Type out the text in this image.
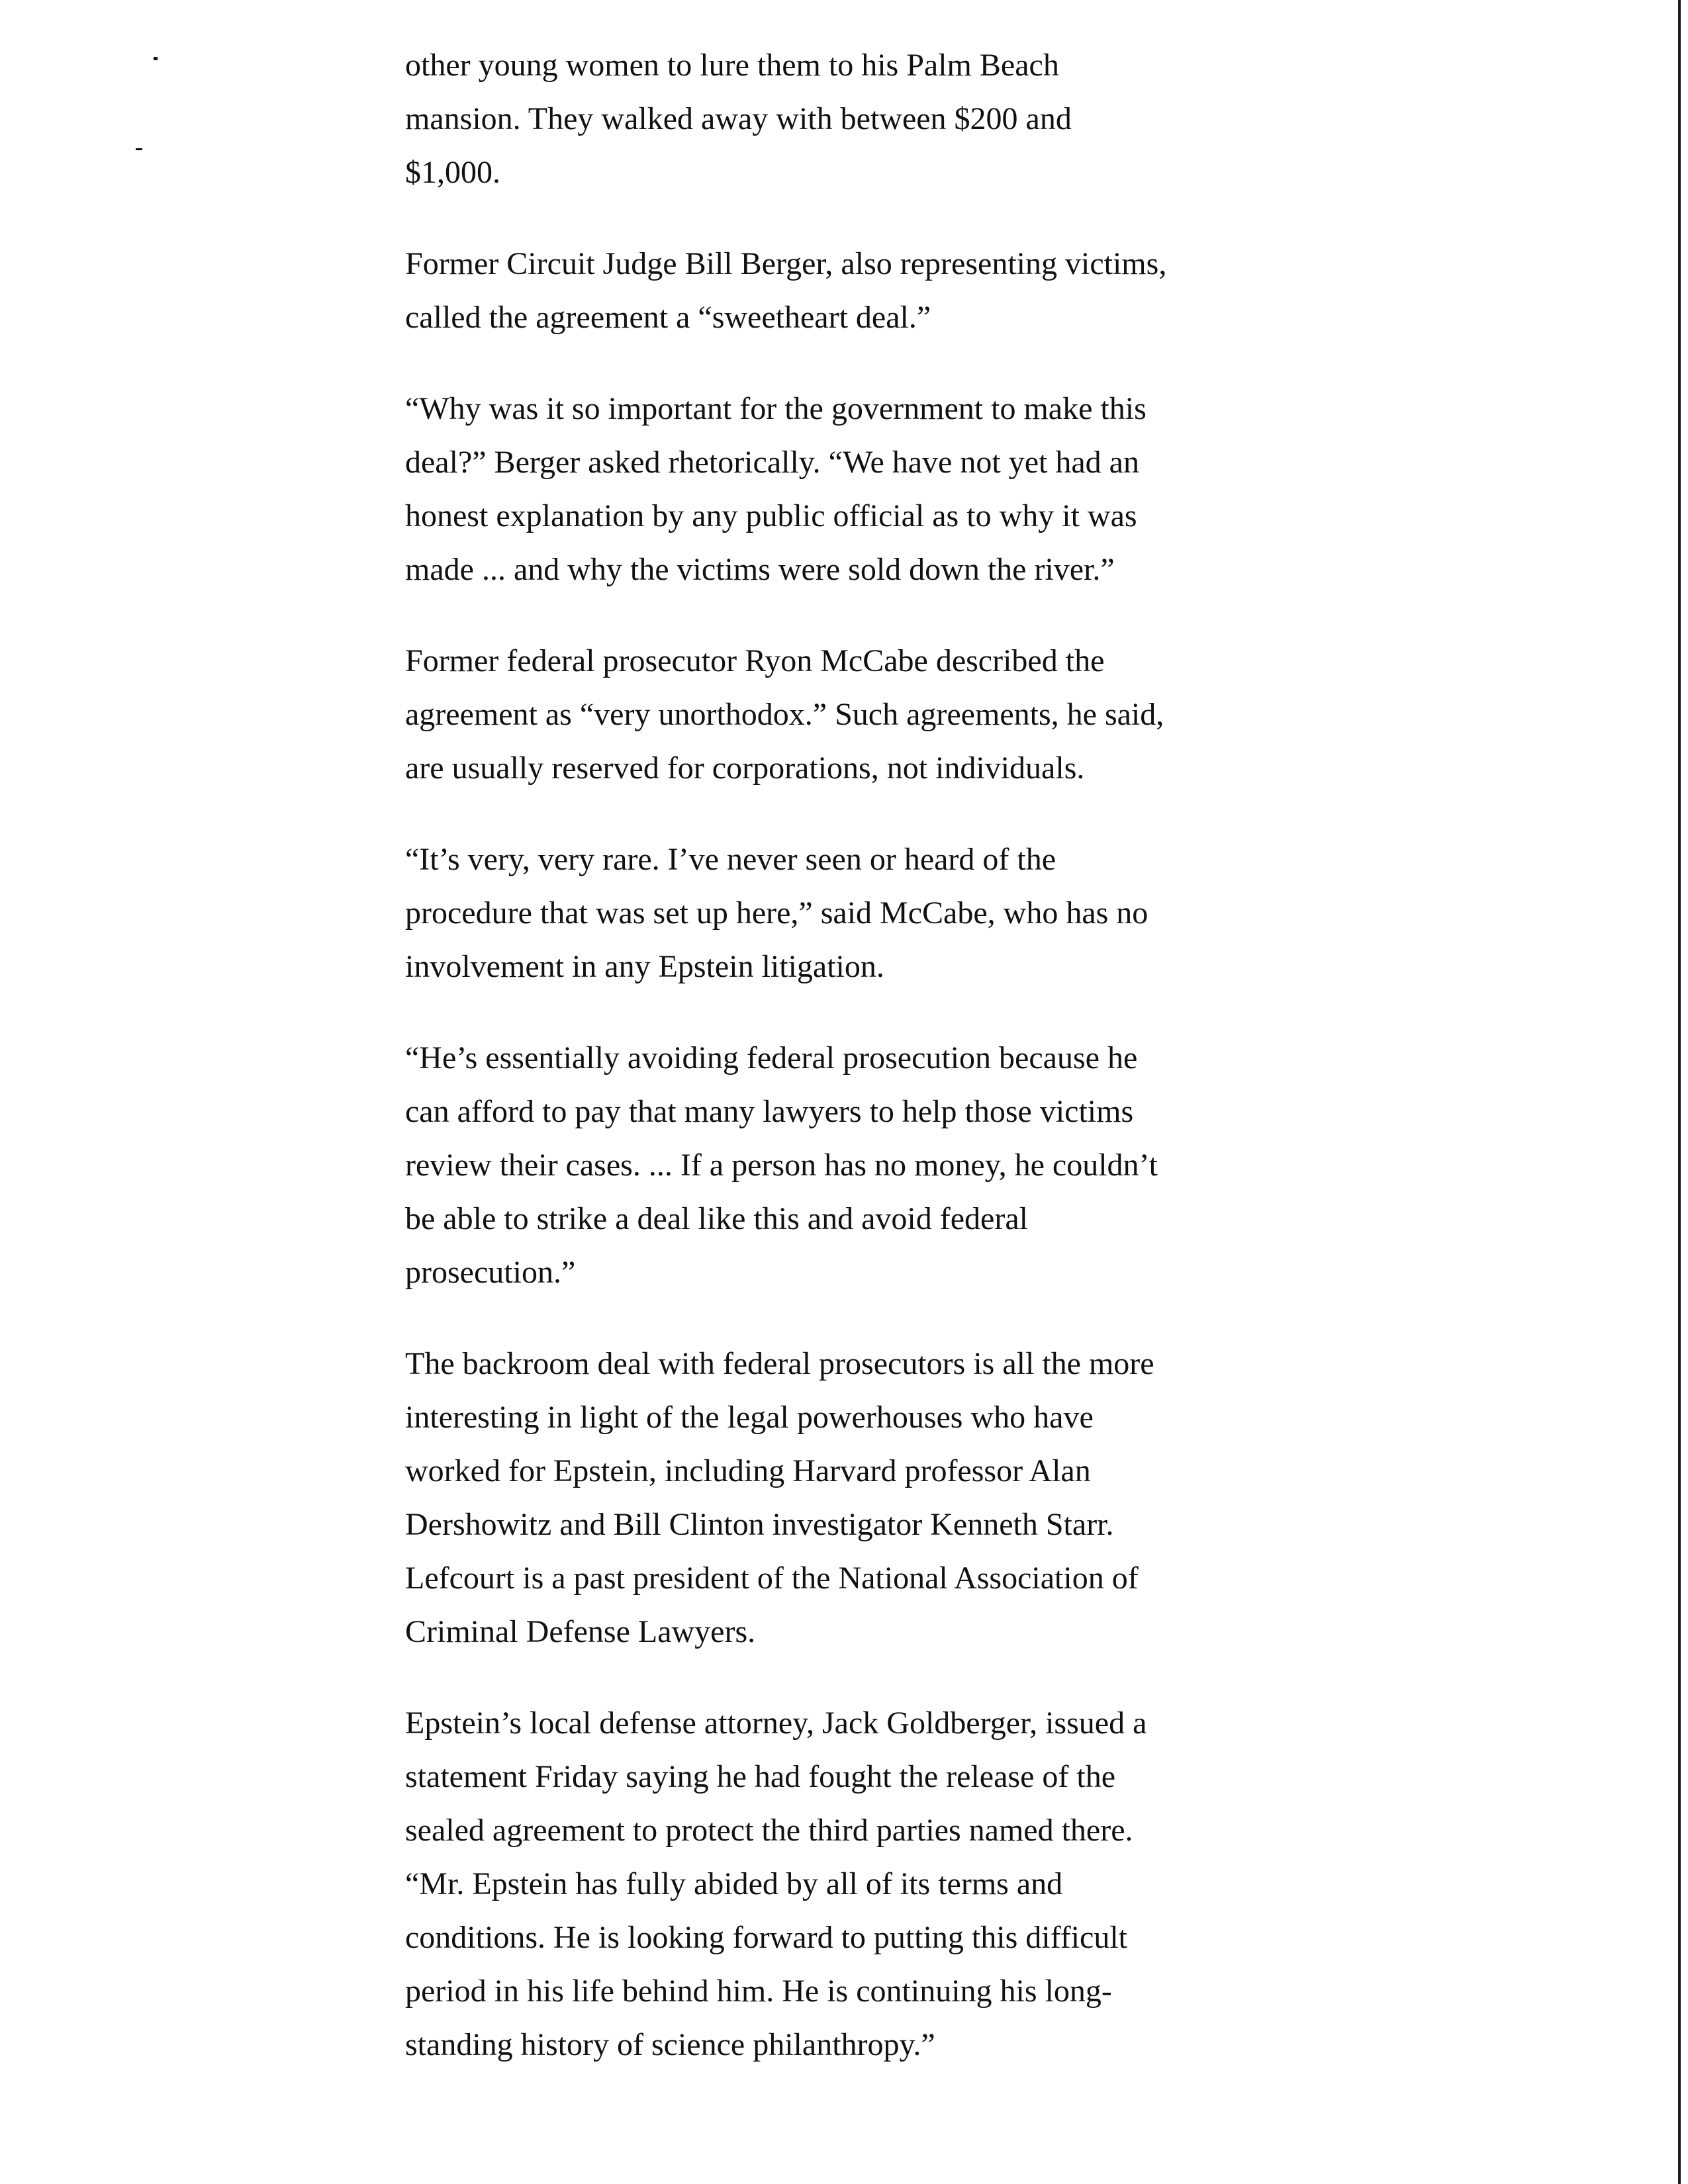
other young women to lure them to his Palm Beach
mansion. They walked away with between $200 and
$1,000.

Former Circuit Judge Bill Berger, also representing victims,
called the agreement a “sweetheart deal.”

“Why was it so important for the government to make this
deal?” Berger asked rhetorically. “We have not yet had an
honest explanation by any public official as to why it was
made ... and why the victims were sold down the river.”

Former federal prosecutor Ryon McCabe described the
agreement as “very unorthodox.” Such agreements, he said,
are usually reserved for corporations, not individuals.

“It’s very, very rare. I’ve never seen or heard of the
procedure that was set up here,” said McCabe, who has no
involvement in any Epstein litigation.

“He’s essentially avoiding federal prosecution because he
can afford to pay that many lawyers to help those victims
review their cases. ... If a person has no money, he couldn’t
be able to strike a deal like this and avoid federal
prosecution.”

The backroom deal with federal prosecutors is all the more
interesting in light of the legal powerhouses who have
worked for Epstein, including Harvard professor Alan
Dershowitz and Bill Clinton investigator Kenneth Starr.
Lefcourt is a past president of the National Association of
Criminal Defense Lawyers.

Epstein’s local defense attorney, Jack Goldberger, issued a
statement Friday saying he had fought the release of the
sealed agreement to protect the third parties named there.
“Mr. Epstein has fully abided by all of its terms and
conditions. He is looking forward to putting this difficult
period in his life behind him. He is continuing his long-
standing history of science philanthropy.”
